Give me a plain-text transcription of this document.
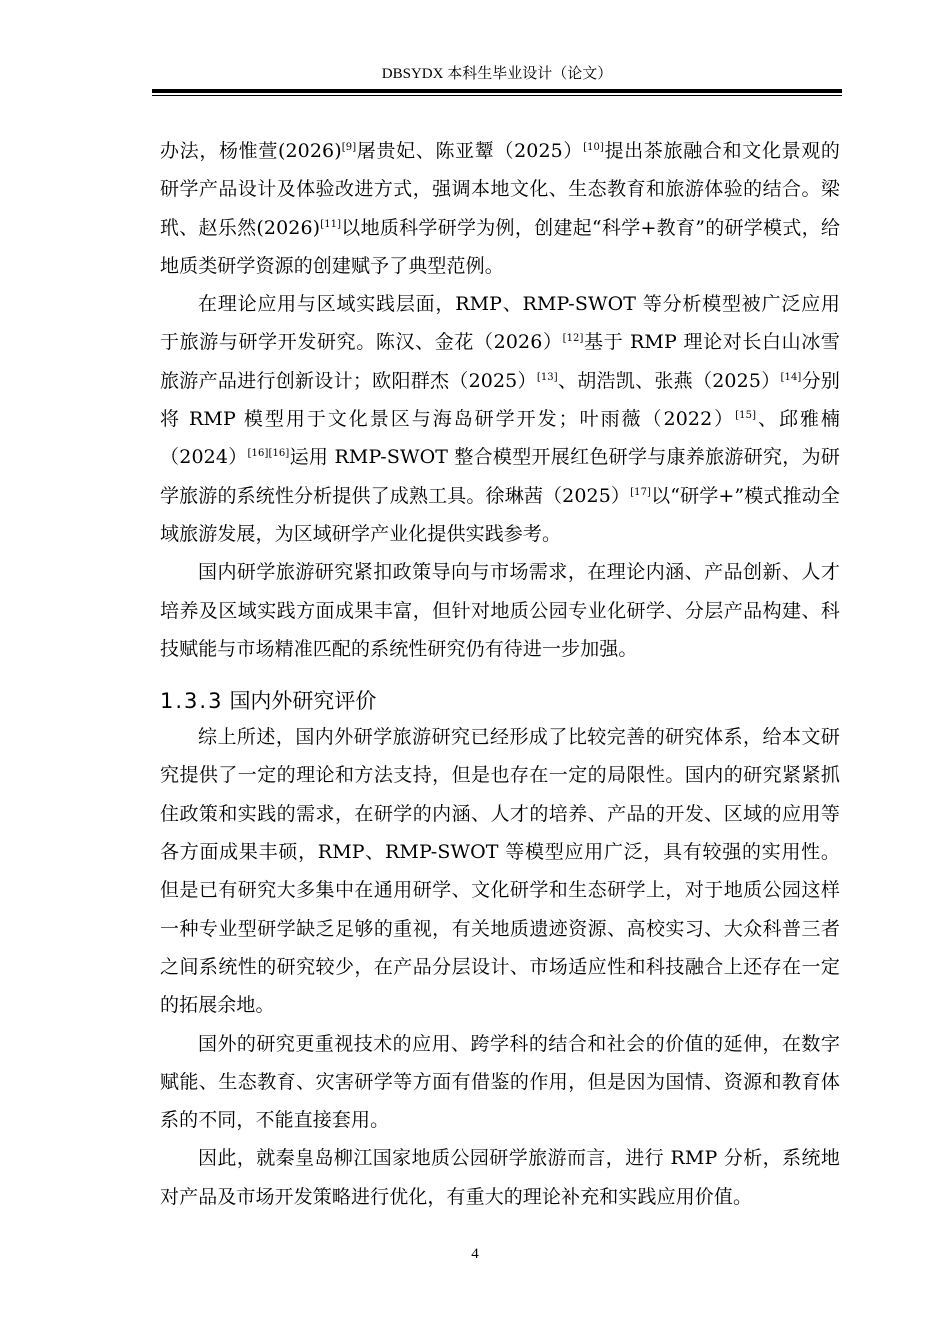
DBSYDX 本科生毕业设计（论文）

办法，杨惟萱(2026)[9]屠贵妃、陈亚颦（2025）[10]提出茶旅融合和文化景观的研学产品设计及体验改进方式，强调本地文化、生态教育和旅游体验的结合。梁玳、赵乐然(2026)[11]以地质科学研学为例，创建起“科学+教育”的研学模式，给地质类研学资源的创建赋予了典型范例。

在理论应用与区域实践层面，RMP、RMP-SWOT 等分析模型被广泛应用于旅游与研学开发研究。陈汉、金花（2026）[12]基于 RMP 理论对长白山冰雪旅游产品进行创新设计；欧阳群杰（2025）[13]、胡浩凯、张燕（2025）[14]分别将 RMP 模型用于文化景区与海岛研学开发；叶雨薇（2022）[15]、邱雅楠（2024）[16][16]运用 RMP-SWOT 整合模型开展红色研学与康养旅游研究，为研学旅游的系统性分析提供了成熟工具。徐琳茜（2025）[17]以“研学+”模式推动全域旅游发展，为区域研学产业化提供实践参考。

国内研学旅游研究紧扣政策导向与市场需求，在理论内涵、产品创新、人才培养及区域实践方面成果丰富，但针对地质公园专业化研学、分层产品构建、科技赋能与市场精准匹配的系统性研究仍有待进一步加强。

1.3.3 国内外研究评价

综上所述，国内外研学旅游研究已经形成了比较完善的研究体系，给本文研究提供了一定的理论和方法支持，但是也存在一定的局限性。国内的研究紧紧抓住政策和实践的需求，在研学的内涵、人才的培养、产品的开发、区域的应用等各方面成果丰硕，RMP、RMP-SWOT 等模型应用广泛，具有较强的实用性。但是已有研究大多集中在通用研学、文化研学和生态研学上，对于地质公园这样一种专业型研学缺乏足够的重视，有关地质遗迹资源、高校实习、大众科普三者之间系统性的研究较少，在产品分层设计、市场适应性和科技融合上还存在一定的拓展余地。

国外的研究更重视技术的应用、跨学科的结合和社会的价值的延伸，在数字赋能、生态教育、灾害研学等方面有借鉴的作用，但是因为国情、资源和教育体系的不同，不能直接套用。

因此，就秦皇岛柳江国家地质公园研学旅游而言，进行 RMP 分析，系统地对产品及市场开发策略进行优化，有重大的理论补充和实践应用价值。

4
